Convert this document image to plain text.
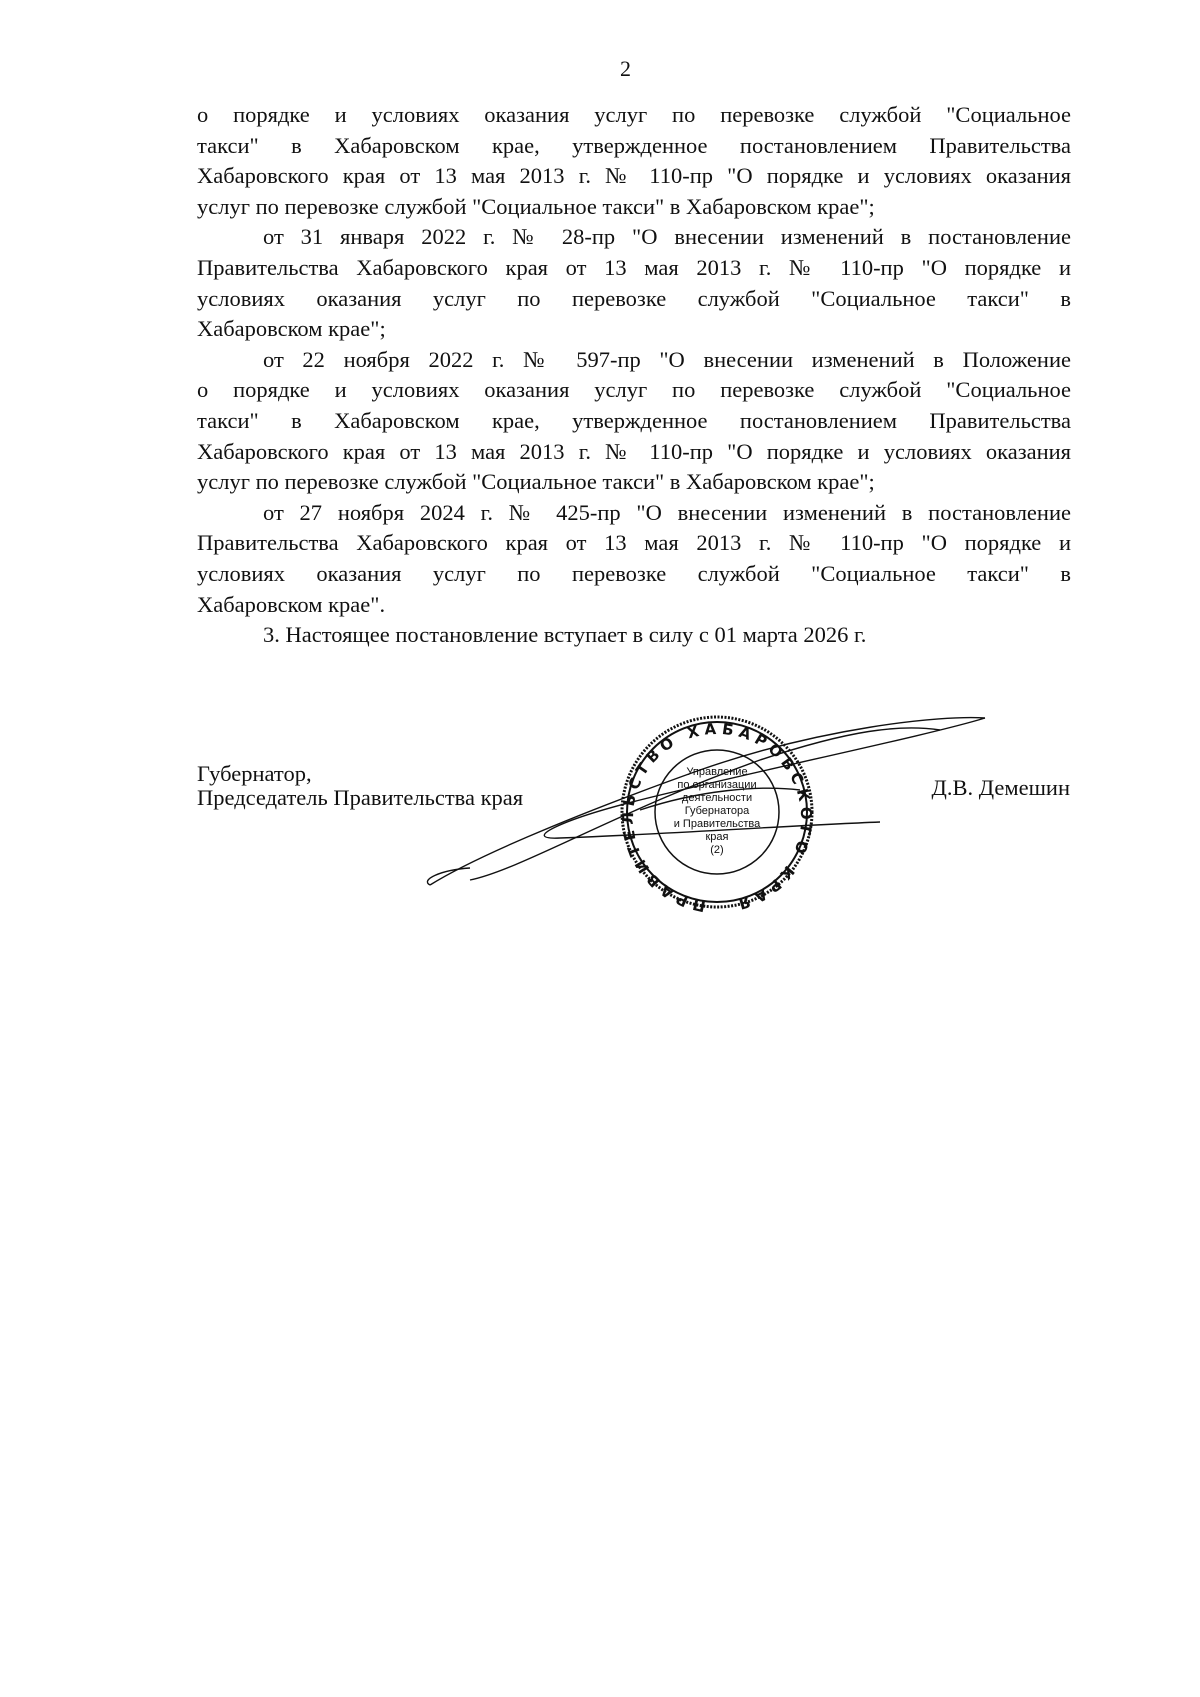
2
о порядке и условиях оказания услуг по перевозке службой "Социальное
такси" в Хабаровском крае, утвержденное постановлением Правительства
Хабаровского края от 13 мая 2013 г. № 110-пр "О порядке и условиях оказания
услуг по перевозке службой "Социальное такси" в Хабаровском крае";
от 31 января 2022 г. № 28-пр "О внесении изменений в постановление
Правительства Хабаровского края от 13 мая 2013 г. № 110-пр "О порядке и
условиях оказания услуг по перевозке службой "Социальное такси" в
Хабаровском крае";
от 22 ноября 2022 г. № 597-пр "О внесении изменений в Положение
о порядке и условиях оказания услуг по перевозке службой "Социальное
такси" в Хабаровском крае, утвержденное постановлением Правительства
Хабаровского края от 13 мая 2013 г. № 110-пр "О порядке и условиях оказания
услуг по перевозке службой "Социальное такси" в Хабаровском крае";
от 27 ноября 2024 г. № 425-пр "О внесении изменений в постановление
Правительства Хабаровского края от 13 мая 2013 г. № 110-пр "О порядке и
условиях оказания услуг по перевозке службой "Социальное такси" в
Хабаровском крае".
3. Настоящее постановление вступает в силу с 01 марта 2026 г.
Губернатор,
Председатель Правительства края	Д.В. Демешин
ПРАВИТЕЛЬСТВО ХАБАРОВСКОГО КРАЯ
Управление
по организации
деятельности
Губернатора
и Правительства
края
(2)
